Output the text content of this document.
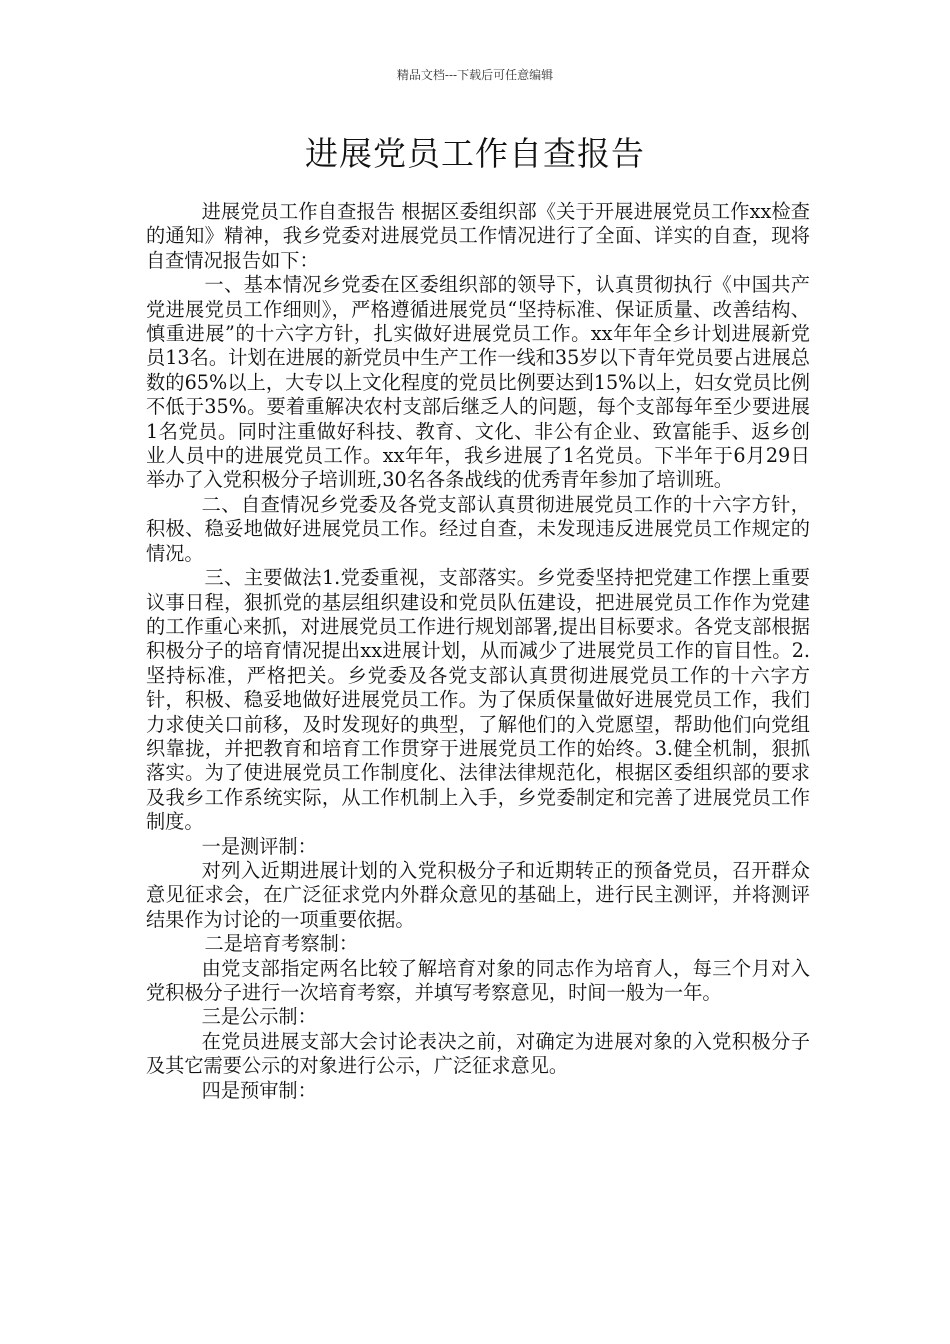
精品文档---下载后可任意编辑
进展党员工作自查报告

进展党员工作自查报告 根据区委组织部《关于开展进展党员工作xx检查的通知》精神，我乡党委对进展党员工作情况进行了全面、详实的自查，现将自查情况报告如下：

一、基本情况乡党委在区委组织部的领导下，认真贯彻执行《中国共产党进展党员工作细则》，严格遵循进展党员“坚持标准、保证质量、改善结构、慎重进展”的十六字方针，扎实做好进展党员工作。xx年年全乡计划进展新党员13名。计划在进展的新党员中生产工作一线和35岁以下青年党员要占进展总数的65%以上，大专以上文化程度的党员比例要达到15%以上，妇女党员比例不低于35%。要着重解决农村支部后继乏人的问题，每个支部每年至少要进展1名党员。同时注重做好科技、教育、文化、非公有企业、致富能手、返乡创业人员中的进展党员工作。xx年年，我乡进展了1名党员。下半年于6月29日举办了入党积极分子培训班,30名各条战线的优秀青年参加了培训班。

二、自查情况乡党委及各党支部认真贯彻进展党员工作的十六字方针，积极、稳妥地做好进展党员工作。经过自查，未发现违反进展党员工作规定的情况。

三、主要做法1.党委重视，支部落实。乡党委坚持把党建工作摆上重要议事日程，狠抓党的基层组织建设和党员队伍建设，把进展党员工作作为党建的工作重心来抓，对进展党员工作进行规划部署,提出目标要求。各党支部根据积极分子的培育情况提出xx进展计划，从而减少了进展党员工作的盲目性。2.坚持标准，严格把关。乡党委及各党支部认真贯彻进展党员工作的十六字方针，积极、稳妥地做好进展党员工作。为了保质保量做好进展党员工作，我们力求使关口前移，及时发现好的典型，了解他们的入党愿望，帮助他们向党组织靠拢，并把教育和培育工作贯穿于进展党员工作的始终。3.健全机制，狠抓落实。为了使进展党员工作制度化、法律法律规范化，根据区委组织部的要求及我乡工作系统实际，从工作机制上入手，乡党委制定和完善了进展党员工作制度。

一是测评制：

对列入近期进展计划的入党积极分子和近期转正的预备党员，召开群众意见征求会，在广泛征求党内外群众意见的基础上，进行民主测评，并将测评结果作为讨论的一项重要依据。

二是培育考察制：

由党支部指定两名比较了解培育对象的同志作为培育人，每三个月对入党积极分子进行一次培育考察，并填写考察意见，时间一般为一年。

三是公示制：

在党员进展支部大会讨论表决之前，对确定为进展对象的入党积极分子及其它需要公示的对象进行公示，广泛征求意见。

四是预审制：
